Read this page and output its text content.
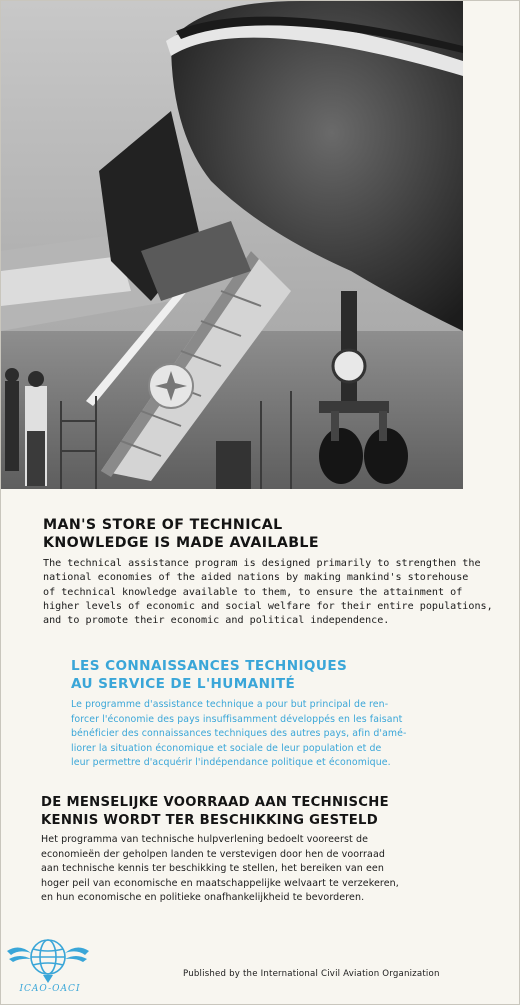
MAN'S STORE OF TECHNICAL
KNOWLEDGE IS MADE AVAILABLE
The technical assistance program is designed primarily to strengthen the
national economies of the aided nations by making mankind's storehouse
of technical knowledge available to them, to ensure the attainment of
higher levels of economic and social welfare for their entire populations,
and to promote their economic and political independence.
LES CONNAISSANCES TECHNIQUES
AU SERVICE DE L'HUMANITÉ
Le programme d'assistance technique a pour but principal de ren-
forcer l'économie des pays insuffisamment développés en les faisant
bénéficier des connaissances techniques des autres pays, afin d'amé-
liorer la situation économique et sociale de leur population et de
leur permettre d'acquérir l'indépendance politique et économique.
DE MENSELIJKE VOORRAAD AAN TECHNISCHE
KENNIS WORDT TER BESCHIKKING GESTELD
Het programma van technische hulpverlening bedoelt vooreerst de
economieën der geholpen landen te verstevigen door hen de voorraad
aan technische kennis ter beschikking te stellen, het bereiken van een
hoger peil van economische en maatschappelijke welvaart te verzekeren,
en hun economische en politieke onafhankelijkheid te bevorderen.
ICAO-OACI
Published by the International Civil Aviation Organization
